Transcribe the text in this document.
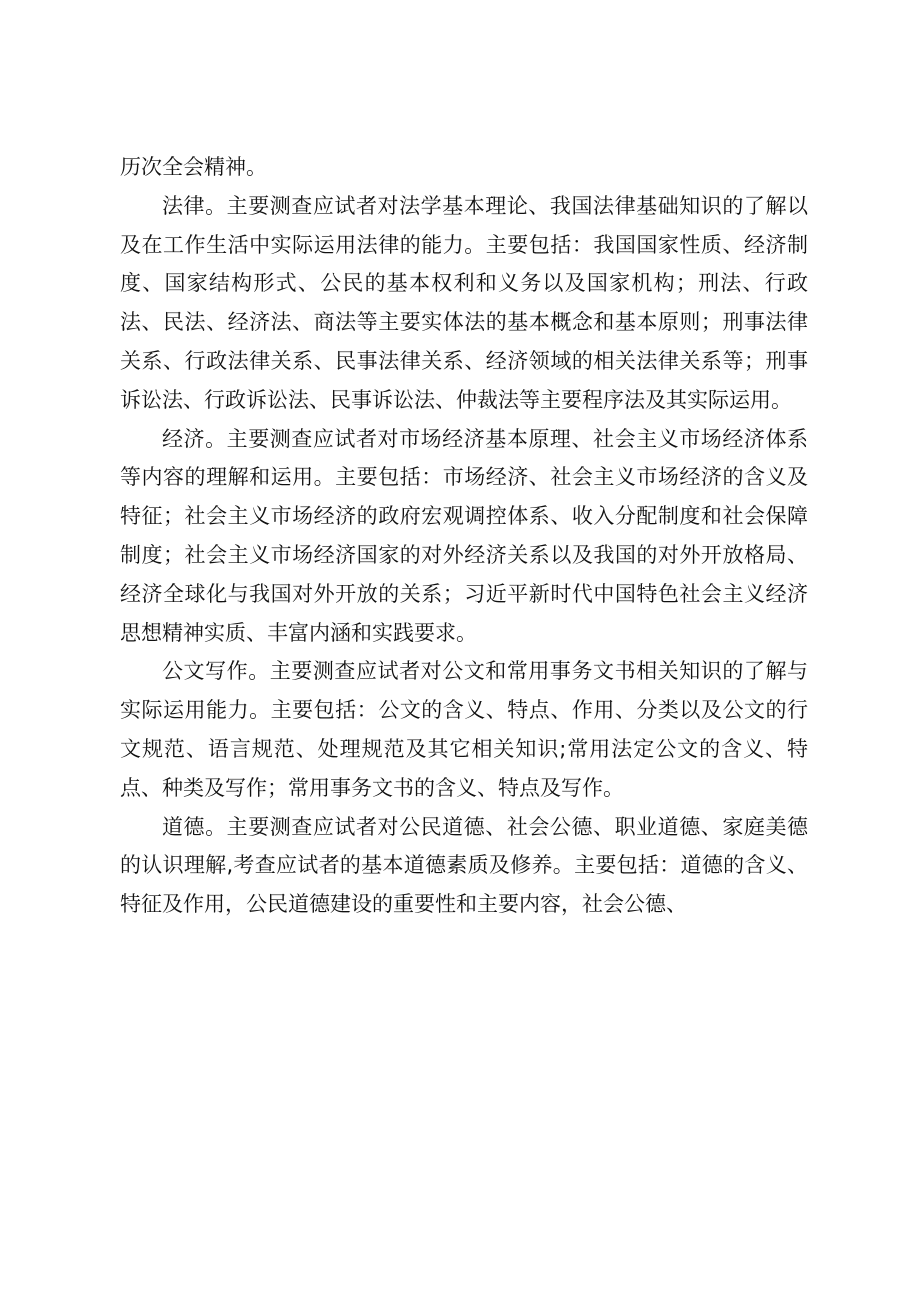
历次全会精神。

法律。主要测查应试者对法学基本理论、我国法律基础知识的了解以及在工作生活中实际运用法律的能力。主要包括：我国国家性质、经济制度、国家结构形式、公民的基本权利和义务以及国家机构；刑法、行政法、民法、经济法、商法等主要实体法的基本概念和基本原则；刑事法律关系、行政法律关系、民事法律关系、经济领域的相关法律关系等；刑事诉讼法、行政诉讼法、民事诉讼法、仲裁法等主要程序法及其实际运用。

经济。主要测查应试者对市场经济基本原理、社会主义市场经济体系等内容的理解和运用。主要包括：市场经济、社会主义市场经济的含义及特征；社会主义市场经济的政府宏观调控体系、收入分配制度和社会保障制度；社会主义市场经济国家的对外经济关系以及我国的对外开放格局、经济全球化与我国对外开放的关系；习近平新时代中国特色社会主义经济思想精神实质、丰富内涵和实践要求。

公文写作。主要测查应试者对公文和常用事务文书相关知识的了解与实际运用能力。主要包括：公文的含义、特点、作用、分类以及公文的行文规范、语言规范、处理规范及其它相关知识;常用法定公文的含义、特点、种类及写作；常用事务文书的含义、特点及写作。

道德。主要测查应试者对公民道德、社会公德、职业道德、家庭美德的认识理解,考查应试者的基本道德素质及修养。主要包括：道德的含义、特征及作用，公民道德建设的重要性和主要内容，社会公德、
